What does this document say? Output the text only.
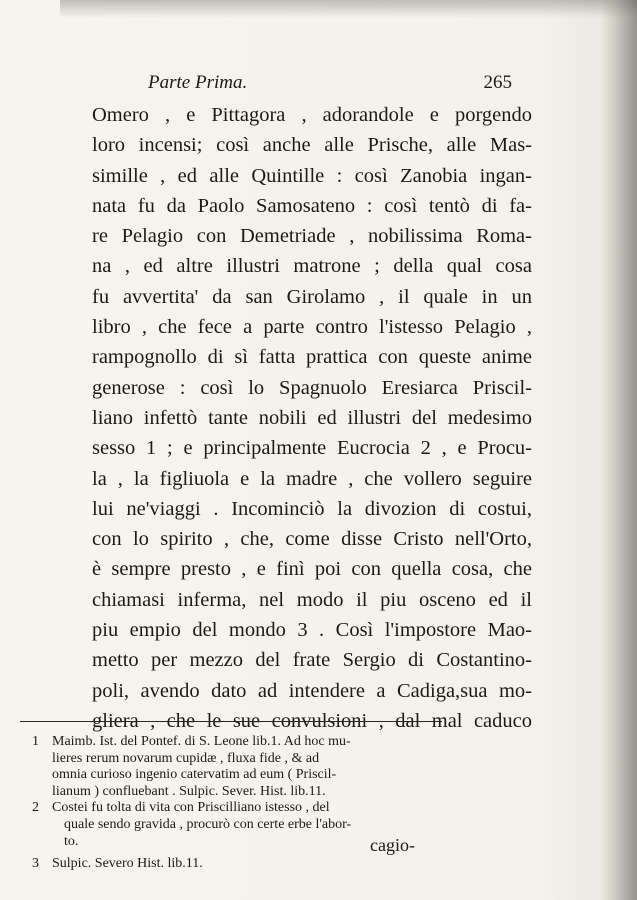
Parte Prima.	265
Omero , e Pittagora , adorandole e porgendo
loro incensi; così anche alle Prische, alle Mas-
simille , ed alle Quintille : così Zanobia ingan-
nata fu da Paolo Samosateno : così tentò di fa-
re Pelagio con Demetriade , nobilissima Roma-
na , ed altre illustri matrone ; della qual cosa
fu avvertita' da san Girolamo , il quale in un
libro , che fece a parte contro l'istesso Pelagio ,
rampognollo di sì fatta prattica con queste anime
generose : così lo Spagnuolo Eresiarca Priscil-
liano infettò tante nobili ed illustri del medesimo
sesso 1 ; e principalmente Eucrocia 2 , e Procu-
la , la figliuola e la madre , che vollero seguire
lui ne'viaggi . Incominciò la divozion di costui,
con lo spirito , che, come disse Cristo nell'Orto,
è sempre presto , e finì poi con quella cosa, che
chiamasi inferma, nel modo il piu osceno ed il
piu empio del mondo 3 . Così l'impostore Mao-
metto per mezzo del frate Sergio di Costantino-
poli, avendo dato ad intendere a Cadiga,sua mo-
gliera , che le sue convulsioni , dal mal caduco
1 Maimb. Ist. del Pontef. di S. Leone lib.1. Ad hoc mu-
lieres rerum novarum cupidæ , fluxa fide , & ad
omnia curioso ingenio catervatim ad eum ( Priscil-
lianum ) confluebant . Sulpic. Sever. Hist. lib.11.
2 Costei fu tolta di vita con Priscilliano istesso , del
quale sendo gravida , procurò con certe erbe l'abor-
to.
3 Sulpic. Severo Hist. lib.11.
cagio-
